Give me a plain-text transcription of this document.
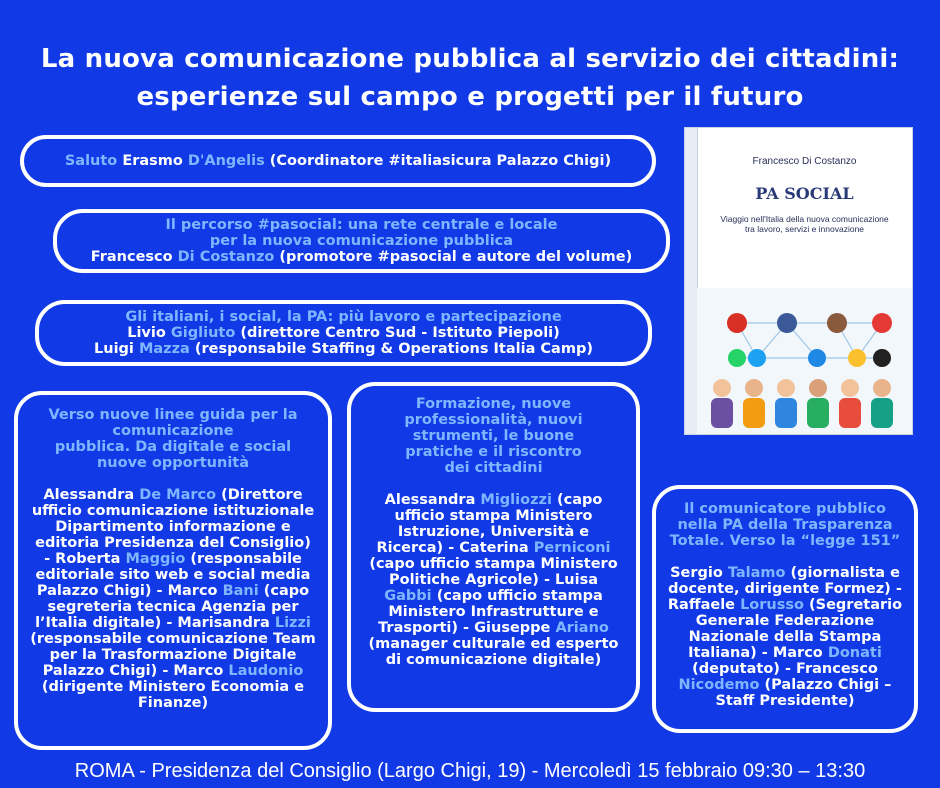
La nuova comunicazione pubblica al servizio dei cittadini:
esperienze sul campo e progetti per il futuro
Saluto Erasmo D'Angelis (Coordinatore #italiasicura Palazzo Chigi)
Il percorso #pasocial: una rete centrale e locale
per la nuova comunicazione pubblica
Francesco Di Costanzo (promotore #pasocial e autore del volume)
Gli italiani, i social, la PA: più lavoro e partecipazione
Livio Gigliuto (direttore Centro Sud - Istituto Piepoli)
Luigi Mazza (responsabile Staffing & Operations Italia Camp)
Verso nuove linee guida per la
comunicazione
pubblica. Da digitale e social
nuove opportunità
Alessandra De Marco (Direttore ufficio comunicazione istituzionale Dipartimento informazione e editoria Presidenza del Consiglio) - Roberta Maggio (responsabile editoriale sito web e social media Palazzo Chigi) - Marco Bani (capo segreteria tecnica Agenzia per l’Italia digitale) - Marisandra Lizzi (responsabile comunicazione Team per la Trasformazione Digitale Palazzo Chigi) - Marco Laudonio (dirigente Ministero Economia e Finanze)
Formazione, nuove
professionalità, nuovi
strumenti, le buone
pratiche e il riscontro
dei cittadini
Alessandra Migliozzi (capo ufficio stampa Ministero Istruzione, Università e Ricerca) - Caterina Perniconi (capo ufficio stampa Ministero Politiche Agricole) - Luisa Gabbi (capo ufficio stampa Ministero Infrastrutture e Trasporti) - Giuseppe Ariano (manager culturale ed esperto di comunicazione digitale)
Il comunicatore pubblico
nella PA della Trasparenza
Totale. Verso la “legge 151”
Sergio Talamo (giornalista e docente, dirigente Formez) - Raffaele Lorusso (Segretario Generale Federazione Nazionale della Stampa Italiana) - Marco Donati (deputato) - Francesco Nicodemo (Palazzo Chigi – Staff Presidente)
Francesco Di Costanzo
PA SOCIAL
Viaggio nell'Italia della nuova comunicazione
tra lavoro, servizi e innovazione
ROMA - Presidenza del Consiglio (Largo Chigi, 19) - Mercoledì 15 febbraio 09:30 – 13:30
